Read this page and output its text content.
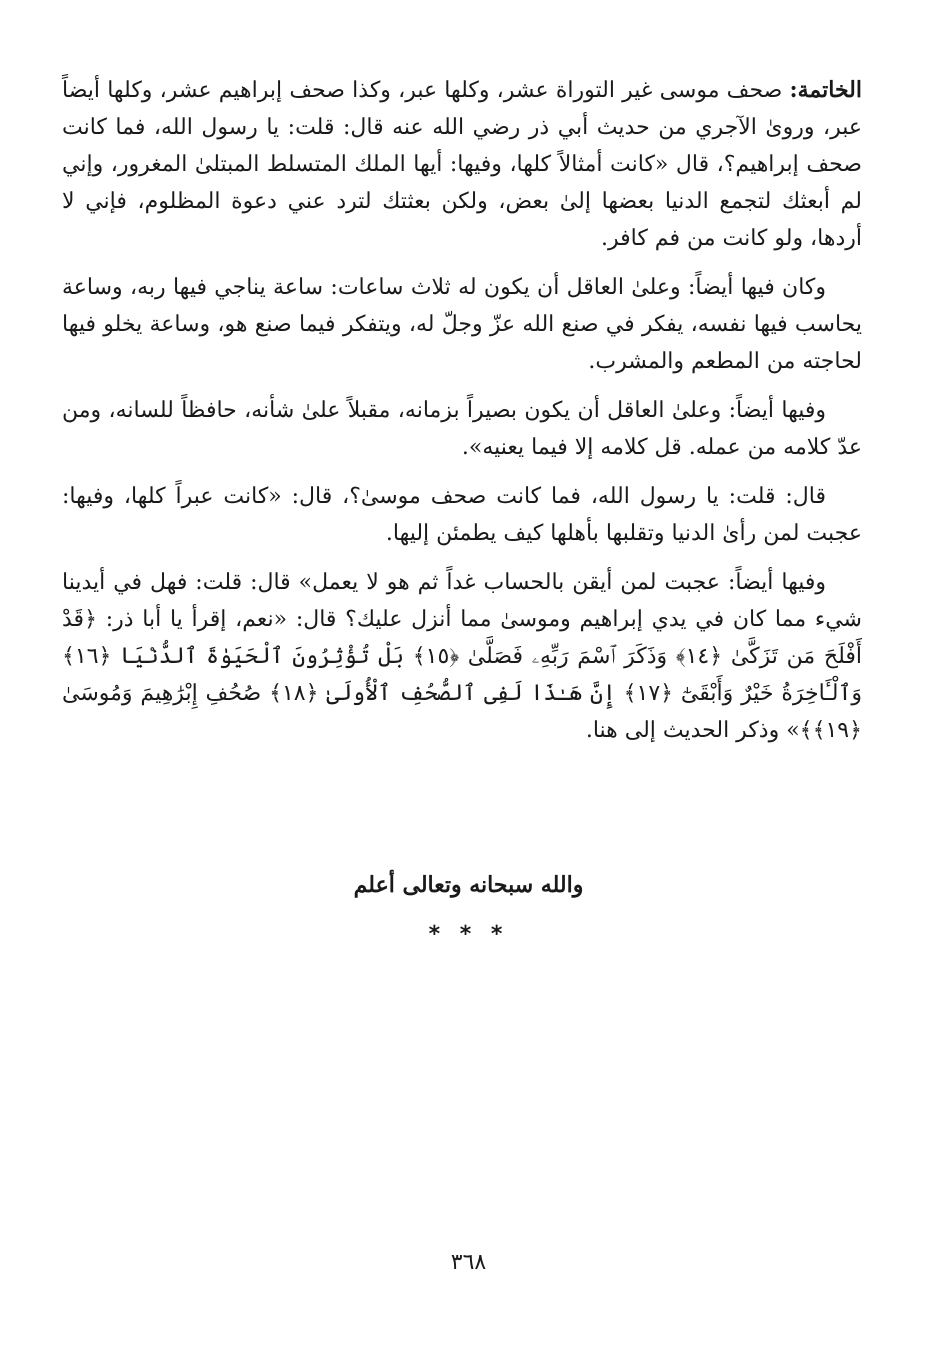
الخاتمة: صحف موسى غير التوراة عشر، وكلها عبر، وكذا صحف إبراهيم عشر، وكلها أيضاً عبر، وروىٰ الآجري من حديث أبي ذر رضي الله عنه قال: قلت: يا رسول الله، فما كانت صحف إبراهيم؟، قال «كانت أمثالاً كلها، وفيها: أيها الملك المتسلط المبتلىٰ المغرور، وإني لم أبعثك لتجمع الدنيا بعضها إلىٰ بعض، ولكن بعثتك لترد عني دعوة المظلوم، فإني لا أردها، ولو كانت من فم كافر.

وكان فيها أيضاً: وعلىٰ العاقل أن يكون له ثلاث ساعات: ساعة يناجي فيها ربه، وساعة يحاسب فيها نفسه، يفكر في صنع الله عزّ وجلّ له، ويتفكر فيما صنع هو، وساعة يخلو فيها لحاجته من المطعم والمشرب.

وفيها أيضاً: وعلىٰ العاقل أن يكون بصيراً بزمانه، مقبلاً علىٰ شأنه، حافظاً للسانه، ومن عدّ كلامه من عمله. قل كلامه إلا فيما يعنيه».

قال: قلت: يا رسول الله، فما كانت صحف موسىٰ؟، قال: «كانت عبراً كلها، وفيها: عجبت لمن رأىٰ الدنيا وتقلبها بأهلها كيف يطمئن إليها.

وفيها أيضاً: عجبت لمن أيقن بالحساب غداً ثم هو لا يعمل» قال: قلت: فهل في أيدينا شيء مما كان في يدي إبراهيم وموسىٰ مما أنزل عليك؟ قال: «نعم، إقرأ يا أبا ذر: ﴿قَدْ أَفْلَحَ مَن تَزَكَّىٰ ﴿١٤﴾ وَذَكَرَ ٱسْمَ رَبِّهِۦ فَصَلَّىٰ ﴿١٥﴾ بَلْ تُؤْثِرُونَ ٱلْحَيَوٰةَ ٱلدُّنْيَا ﴿١٦﴾ وَٱلْـَٔاخِرَةُ خَيْرٌ وَأَبْقَىٰٓ ﴿١٧﴾ إِنَّ هَـٰذَا لَفِى ٱلصُّحُفِ ٱلْأُولَىٰ ﴿١٨﴾ صُحُفِ إِبْرَٰهِيمَ وَمُوسَىٰ ﴿١٩﴾﴾» وذكر الحديث إلى هنا.

والله سبحانه وتعالى أعلم
* * *
٣٦٨
